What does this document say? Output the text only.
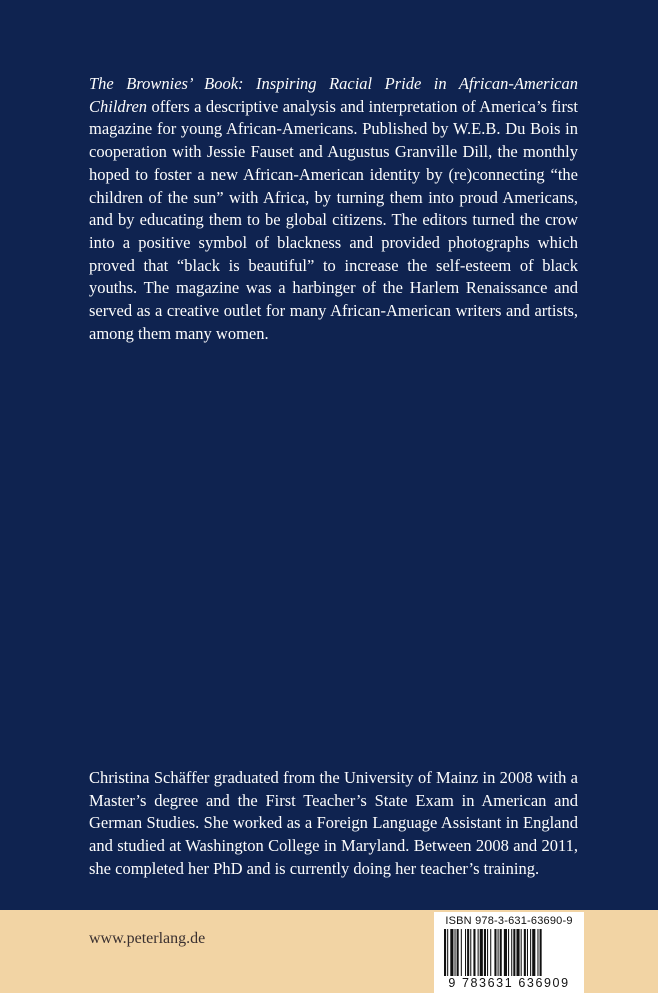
The Brownies’ Book: Inspiring Racial Pride in African-American Children offers a descriptive analysis and interpretation of America’s first magazine for young African-Americans. Published by W.E.B. Du Bois in cooperation with Jessie Fauset and Augustus Granville Dill, the monthly hoped to foster a new African-American identity by (re)connecting “the children of the sun” with Africa, by turning them into proud Americans, and by educating them to be global citizens. The editors turned the crow into a positive symbol of blackness and provided photographs which proved that “black is beautiful” to increase the self-esteem of black youths. The magazine was a harbinger of the Harlem Renaissance and served as a creative outlet for many African-American writers and artists, among them many women.

Christina Schäffer graduated from the University of Mainz in 2008 with a Master’s degree and the First Teacher’s State Exam in American and German Studies. She worked as a Foreign Language Assistant in England and studied at Washington College in Maryland. Between 2008 and 2011, she completed her PhD and is currently doing her teacher’s training.

www.peterlang.de
ISBN 978-3-631-63690-9
9 783631 636909
